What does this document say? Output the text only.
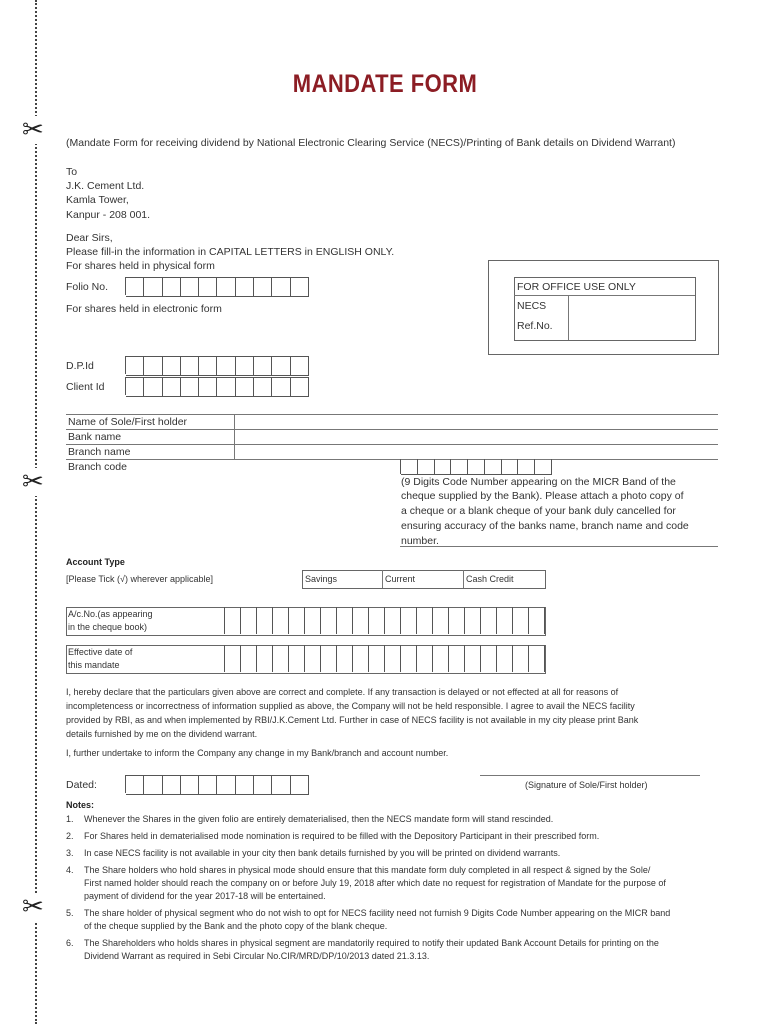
✂
✂
✂
MANDATE FORM
(Mandate Form for receiving dividend by National Electronic Clearing Service (NECS)/Printing of Bank details on Dividend Warrant)
To
J.K. Cement Ltd.
Kamla Tower,
Kanpur - 208 001.
Dear Sirs,
Please fill-in the information in CAPITAL LETTERS in ENGLISH ONLY.
For shares held in physical form
Folio No.
For shares held in electronic form
FOR OFFICE USE ONLY
NECS
Ref.No.
D.P.Id
Client Id
Name of Sole/First holder
Bank name
Branch name
Branch code
(9 Digits Code Number appearing on the MICR Band of the
cheque supplied by the Bank). Please attach a photo copy of
a cheque or a blank cheque of your bank duly cancelled for
ensuring accuracy of the banks name, branch name and code
number.
Account Type
[Please Tick (√) wherever applicable]	Savings	Current	Cash Credit
A/c.No.(as appearing
in the cheque book)
Effective date of
this mandate
I, hereby declare that the particulars given above are correct and complete. If any transaction is delayed or not effected at all for reasons of
incompletencess or incorrectness of information supplied as above, the Company will not be held responsible. I agree to avail the NECS facility
provided by RBI, as and when implemented by RBI/J.K.Cement Ltd. Further in case of NECS facility is not available in my city please print Bank
details furnished by me on the dividend warrant.
I, further undertake to inform the Company any change in my Bank/branch and account number.
Dated:	(Signature of Sole/First holder)
Notes:
1. Whenever the Shares in the given folio are entirely dematerialised, then the NECS mandate form will stand rescinded.
2. For Shares held in dematerialised mode nomination is required to be filled with the Depository Participant in their prescribed form.
3. In case NECS facility is not available in your city then bank details furnished by you will be printed on dividend warrants.
4. The Share holders who hold shares in physical mode should ensure that this mandate form duly completed in all respect & signed by the Sole/
First named holder should reach the company on or before July 19, 2018 after which date no request for registration of Mandate for the purpose of
payment of dividend for the year 2017-18 will be entertained.
5. The share holder of physical segment who do not wish to opt for NECS facility need not furnish 9 Digits Code Number appearing on the MICR band
of the cheque supplied by the Bank and the photo copy of the blank cheque.
6. The Shareholders who holds shares in physical segment are mandatorily required to notify their updated Bank Account Details for printing on the
Dividend Warrant as required in Sebi Circular No.CIR/MRD/DP/10/2013 dated 21.3.13.
